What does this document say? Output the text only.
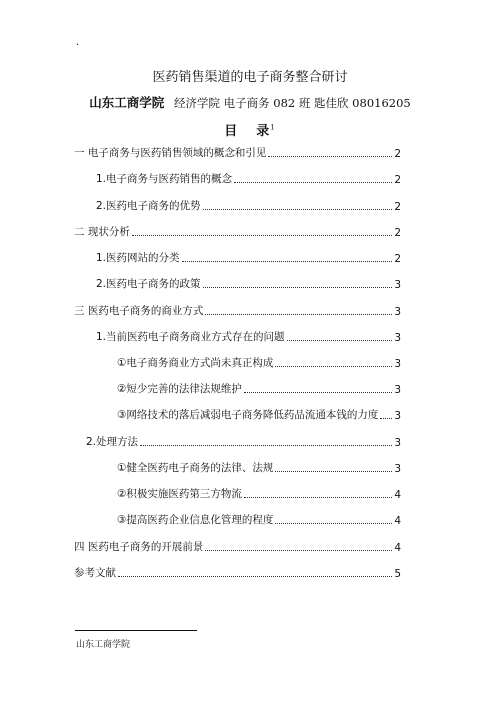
·
医药销售渠道的电子商务整合研讨
山东工商学院 经济学院 电子商务 082 班 匙佳欣 08016205
目 录$^1$
一 电子商务与医药销售领域的概念和引见	2
1.电子商务与医药销售的概念	2
2.医药电子商务的优势	2
二 现状分析	2
1.医药网站的分类	2
2.医药电子商务的政策	3
三 医药电子商务的商业方式	3
1.当前医药电子商务商业方式存在的问题	3
①电子商务商业方式尚未真正构成	3
②短少完善的法律法规维护	3
③网络技术的落后减弱电子商务降低药品流通本钱的力度 3
2.处理方法	3
①健全医药电子商务的法律、法规	3
②积极实施医药第三方物流	4
③提高医药企业信息化管理的程度	4
四 医药电子商务的开展前景	4
参考文献	5
山东工商学院
